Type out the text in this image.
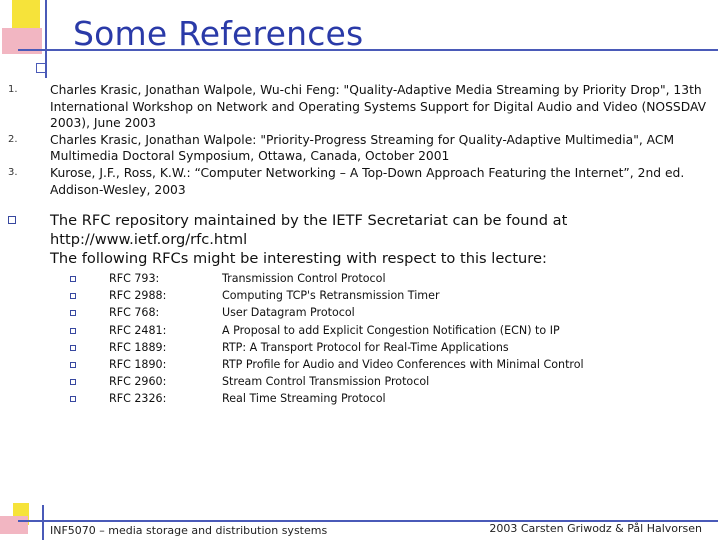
Some References
1.	Charles Krasic, Jonathan Walpole, Wu-chi Feng: "Quality-Adaptive Media Streaming by Priority Drop", 13th International Workshop on Network and Operating Systems Support for Digital Audio and Video (NOSSDAV 2003), June 2003
2.	Charles Krasic, Jonathan Walpole: "Priority-Progress Streaming for Quality-Adaptive Multimedia", ACM Multimedia Doctoral Symposium, Ottawa, Canada, October 2001
3.	Kurose, J.F., Ross, K.W.: “Computer Networking – A Top-Down Approach Featuring the Internet”, 2nd ed. Addison-Wesley, 2003
The RFC repository maintained by the IETF Secretariat can be found at
http://www.ietf.org/rfc.html
The following RFCs might be interesting with respect to this lecture:
RFC 793:	Transmission Control Protocol
RFC 2988:	Computing TCP's Retransmission Timer
RFC 768:	User Datagram Protocol
RFC 2481:	A Proposal to add Explicit Congestion Notification (ECN) to IP
RFC 1889:	RTP: A Transport Protocol for Real-Time Applications
RFC 1890:	RTP Profile for Audio and Video Conferences with Minimal Control
RFC 2960:	Stream Control Transmission Protocol
RFC 2326:	Real Time Streaming Protocol
INF5070 – media storage and distribution systems	2003 Carsten Griwodz & Pål Halvorsen
